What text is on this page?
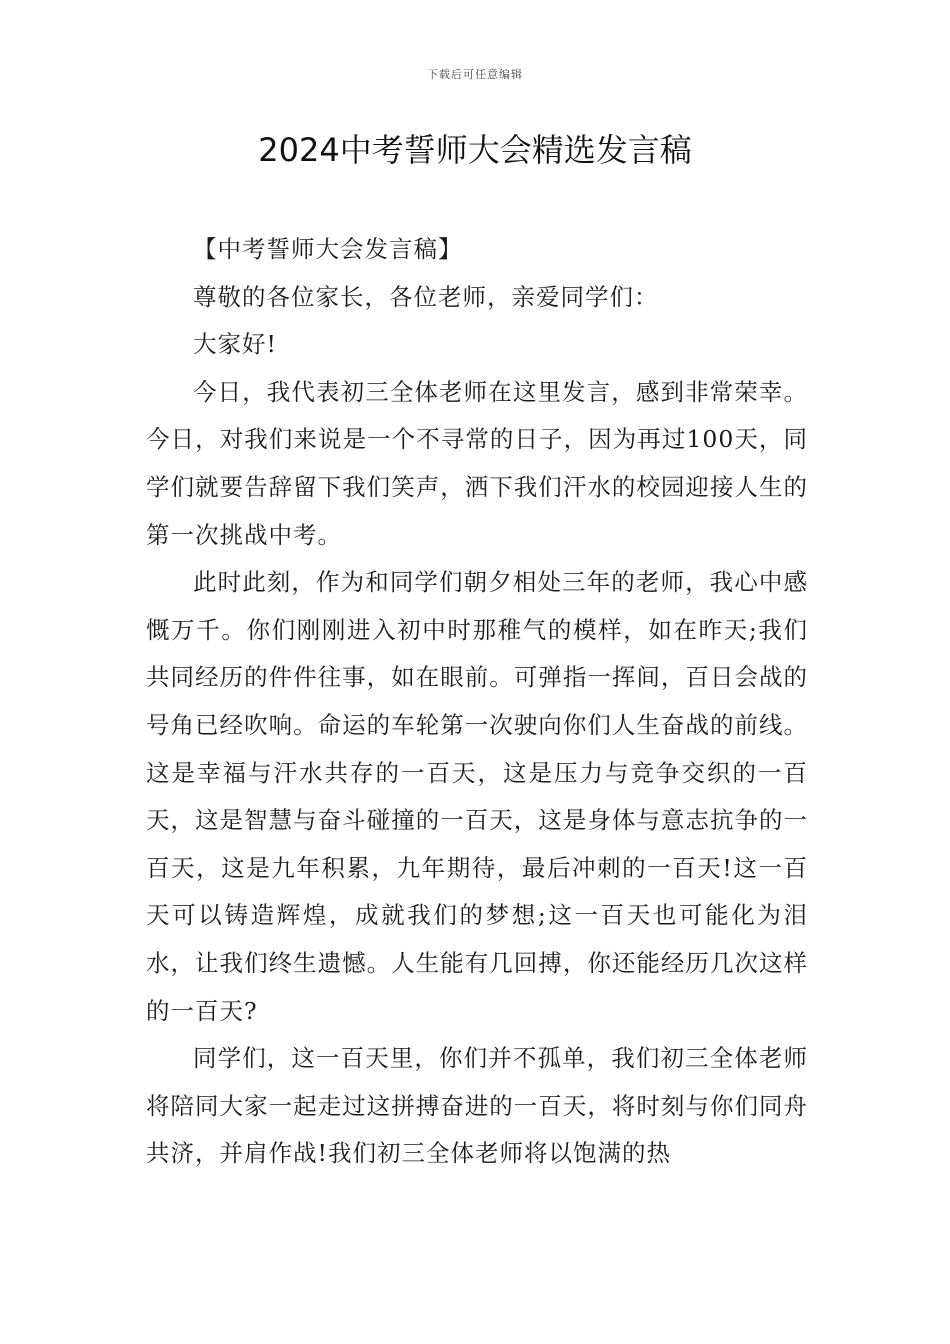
下载后可任意编辑
2024中考誓师大会精选发言稿

【中考誓师大会发言稿】

尊敬的各位家长，各位老师，亲爱同学们：

大家好!

今日，我代表初三全体老师在这里发言，感到非常荣幸。今日，对我们来说是一个不寻常的日子，因为再过100天，同学们就要告辞留下我们笑声，洒下我们汗水的校园迎接人生的第一次挑战中考。

此时此刻，作为和同学们朝夕相处三年的老师，我心中感慨万千。你们刚刚进入初中时那稚气的模样，如在昨天;我们共同经历的件件往事，如在眼前。可弹指一挥间，百日会战的号角已经吹响。命运的车轮第一次驶向你们人生奋战的前线。这是幸福与汗水共存的一百天，这是压力与竞争交织的一百天，这是智慧与奋斗碰撞的一百天，这是身体与意志抗争的一百天，这是九年积累，九年期待，最后冲刺的一百天!这一百天可以铸造辉煌，成就我们的梦想;这一百天也可能化为泪水，让我们终生遗憾。人生能有几回搏，你还能经历几次这样的一百天?

同学们，这一百天里，你们并不孤单，我们初三全体老师将陪同大家一起走过这拼搏奋进的一百天，将时刻与你们同舟共济，并肩作战!我们初三全体老师将以饱满的热
